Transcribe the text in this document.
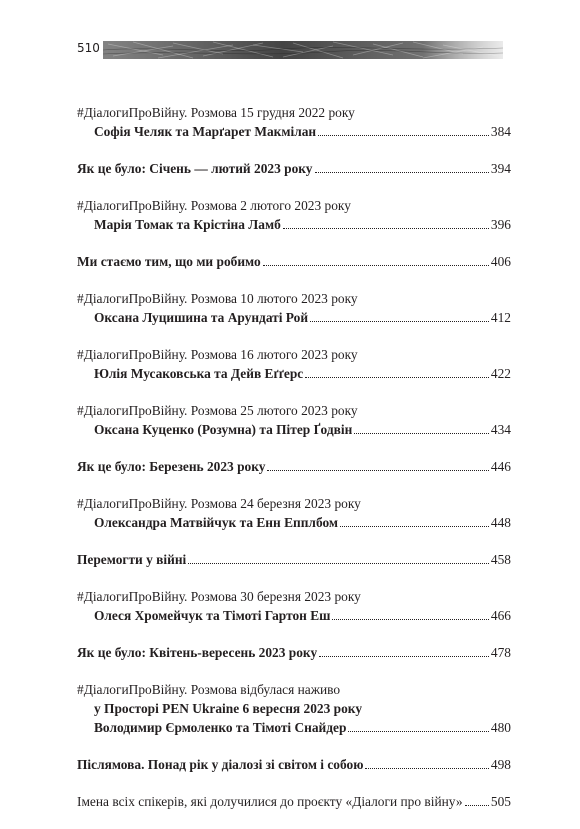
510
#ДіалогиПроВійну. Розмова 15 грудня 2022 року
Софія Челяк та Марґарет Макмілан	384
Як це було: Січень — лютий 2023 року	394
#ДіалогиПроВійну. Розмова 2 лютого 2023 року
Марія Томак та Крістіна Ламб	396
Ми стаємо тим, що ми робимо	406
#ДіалогиПроВійну. Розмова 10 лютого 2023 року
Оксана Луцишина та Арундаті Рой	412
#ДіалогиПроВійну. Розмова 16 лютого 2023 року
Юлія Мусаковська та Дейв Еґґерс	422
#ДіалогиПроВійну. Розмова 25 лютого 2023 року
Оксана Куценко (Розумна) та Пітер Ґодвін	434
Як це було: Березень 2023 року	446
#ДіалогиПроВійну. Розмова 24 березня 2023 року
Олександра Матвійчук та Енн Епплбом	448
Перемогти у війні	458
#ДіалогиПроВійну. Розмова 30 березня 2023 року
Олеся Хромейчук та Тімоті Гартон Еш	466
Як це було: Квітень-вересень 2023 року	478
#ДіалогиПроВійну. Розмова відбулася наживо
у Просторі PEN Ukraine 6 вересня 2023 року
Володимир Єрмоленко та Тімоті Снайдер	480
Післямова. Понад рік у діалозі зі світом і собою	498
Імена всіх спікерів, які долучилися до проєкту «Діалоги про війну» 505
